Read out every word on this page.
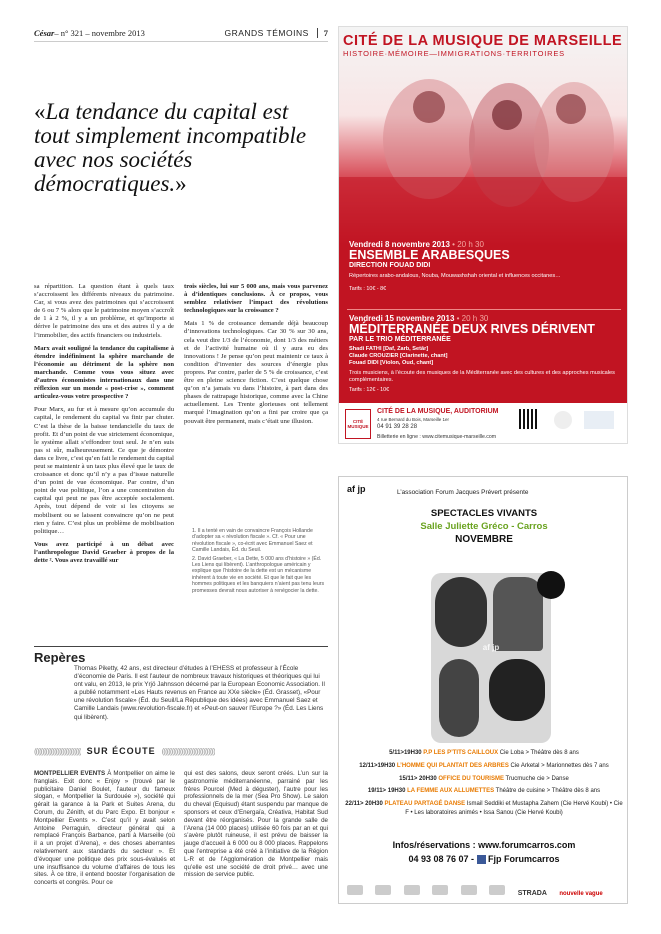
César – n° 321 – novembre 2013	GRANDS TÉMOINS	7
«La tendance du capital est tout simplement incompatible avec nos sociétés démocratiques.»

sa répartition. La question étant à quels taux s’accroissent les différents niveaux du patrimoine. Car, si vous avez des patrimoines qui s’accroissent de 6 ou 7 % alors que le patrimoine moyen s’accroît de 1 à 2 %, il y a un problème, et qu’importe si dérive le patrimoine des uns et des autres il y a de l’immobilier, des actifs financiers ou industriels.

Marx avait souligné la tendance du capitalisme à étendre indéfiniment la sphère marchande de l’économie au détriment de la sphère non marchande. Comme vous vous situez avec d’autres économistes internationaux dans une réflexion sur un monde « post-crise », comment articulez-vous votre prospective ?

Pour Marx, au fur et à mesure qu’on accumule du capital, le rendement du capital va finir par chuter. C’est la thèse de la baisse tendancielle du taux de profit. Et d’un point de vue strictement économique, le système allait s’effondrer tout seul. Je n’en suis pas si sûr, malheureusement. Ce que je démontre dans ce livre, c’est qu’en fait le rendement du capital peut se maintenir à un taux plus élevé que le taux de croissance et donc qu’il n’y a pas d’issue naturelle d’un point de vue économique. Par contre, d’un point de vue politique, l’on a une concentration du capital qui peut ne pas être acceptée socialement. Après, tout dépend de voir si les citoyens se mobilisent ou se laissent convaincre qu’on ne peut rien y faire. C’est plus un problème de mobilisation politique…

Vous avez participé à un débat avec l’anthropologue David Graeber à propos de la dette ². Vous avez travaillé sur

trois siècles, lui sur 5 000 ans, mais vous parvenez à d’identiques conclusions. À ce propos, vous semblez relativiser l’impact des révolutions technologiques sur la croissance ?

Mais 1 % de croissance demande déjà beaucoup d’innovations technologiques. Car 30 % sur 30 ans, cela veut dire 1/3 de l’économie, dont 1/3 des métiers et de l’activité humaine où il y aura eu des innovations ! Je pense qu’on peut maintenir ce taux à condition d’inventer des sources d’énergie plus propres. Par contre, parler de 5 % de croissance, c’est être en pleine science fiction. C’est quelque chose qu’on n’a jamais vu dans l’histoire, à part dans des phases de rattrapage historique, comme avec la Chine actuellement. Les Trente glorieuses ont tellement marqué l’imagination qu’on a fini par croire que ça pouvait être permanent, mais c’était une illusion.

1. Il a tenté en vain de convaincre François Hollande d’adopter sa « révolution fiscale ». Cf. « Pour une révolution fiscale », co-écrit avec Emmanuel Saez et Camille Landais, Éd. du Seuil.
2. David Graeber, « La Dette, 5 000 ans d’histoire » (Éd. Les Liens qui libèrent). L’anthropologue américain y explique que l’histoire de la dette est un mécanisme inhérent à toute vie en société. Et que le fait que les hommes politiques et les banquiers n’aient pas tenu leurs promesses devrait nous autoriser à renégocier la dette.
Repères
Thomas Piketty, 42 ans, est directeur d’études à l’EHESS et professeur à l’École d’économie de Paris. Il est l’auteur de nombreux travaux historiques et théoriques qui lui ont valu, en 2013, le prix Yrjö Jahnsson décerné par la European Economic Association. Il a publié notamment «Les Hauts revenus en France au XXe siècle» (Éd. Grasset), «Pour une révolution fiscale» (Éd. du Seuil/La République des idées) avec Emmanuel Saez et Camille Landais (www.revolution-fiscale.fr) et «Peut-on sauver l’Europe ?» (Éd. Les Liens qui libèrent).
(((((((((((((((((((((((((((( SUR ÉCOUTE ((((((((((((((((((((((((((((((((
MONTPELLIER EVENTS À Montpellier on aime le franglais. Exit donc « Enjoy » (trouvé par le publicitaire Daniel Boulet, l’auteur du fameux slogan, « Montpellier la Surdouée »), société qui gérait la garance à la Park et Suites Arena, du Corum, du Zénith, et du Parc Expo. Et bonjour « Montpellier Events ». C’est qu’il y avait selon Antoine Perraguin, directeur général qui a remplacé François Barbance, parti à Marseille (où il a un projet d’Arena), « des choses aberrantes relativement aux standards du secteur ». Et d’évoquer une politique des prix sous-évalués et une insuffisance du volume d’affaires de tous les sites. À ce titre, il entend booster l’organisation de concerts et congrès. Pour ce
qui est des salons, deux seront créés. L’un sur la gastronomie méditerranéenne, parrainé par les frères Pourcel (Med à déguster), l’autre pour les professionnels de la mer (Sea Pro Show). Le salon du cheval (Equisud) étant suspendu par manque de sponsors et ceux d’Energaïa, Créativa, Habitat Sud devant être réorganisés. Pour la grande salle de l’Arena (14 000 places) utilisée 60 fois par an et qui s’avère plutôt ruineuse, il est prévu de baisser la jauge d’accueil à 6 000 ou 8 000 places. Rappelons que l’entreprise a été créé à l’initiative de la Région L-R et de l’Agglomération de Montpellier mais qu’elle est une société de droit privé… avec une mission de service public.
CITÉ DE LA MUSIQUE DE MARSEILLE
HISTOIRE·MÉMOIRE—IMMIGRATIONS·TERRITOIRES
Vendredi 8 novembre 2013 • 20 h 30
ENSEMBLE ARABESQUES
DIRECTION FOUAD DIDI
Répertoires arabo-andalous, Nouba, Mouwashshah oriental et influences occitanes…
Tarifs : 10€ - 8€
Vendredi 15 novembre 2013 • 20 h 30
MÉDITERRANÉE DEUX RIVES DÉRIVENT
PAR LE TRIO MÉDITERRANÉE
Shadi FATHI [Daf, Zarb, Setâr]
Claude CROUZIER [Clarinette, chant]
Fouad DIDI [Violon, Oud, chant]
Trois musiciens, à l’écoute des musiques de la Méditerranée avec des cultures et des approches musicales complémentaires.
Tarifs : 12€ - 10€
CITÉ MUSIQUE
CITÉ DE LA MUSIQUE, AUDITORIUM
4 rue Bernard du Bois, Marseille 1er
04 91 39 28 28
Billetterie en ligne : www.citemusique-marseille.com
af jp	L’association Forum Jacques Prévert présente
SPECTACLES VIVANTS
Salle Juliette Gréco - Carros
NOVEMBRE
af jp
5/11>19H30 P.P LES P’TITS CAILLOUX Cie Loba > Théâtre dès 8 ans
12/11>19H30 L’HOMME QUI PLANTAIT DES ARBRES Cie Arketal > Marionnettes dès 7 ans
15/11> 20H30 OFFICE DU TOURISME Trucmuche cie > Danse
19/11> 19H30 LA FEMME AUX ALLUMETTES Théâtre de cuisine > Théâtre dès 8 ans
22/11> 20H30 PLATEAU PARTAGÉ DANSE Ismail Seddiki et Mustapha Zahem (Cie Hervé Koubi) • Cie F • Les laboratoires animés • Issa Sanou (Cie Hervé Koubi)
Infos/réservations : www.forumcarros.com
04 93 08 76 07 - Fjp Forumcarros
STRADA nouvelle vague
